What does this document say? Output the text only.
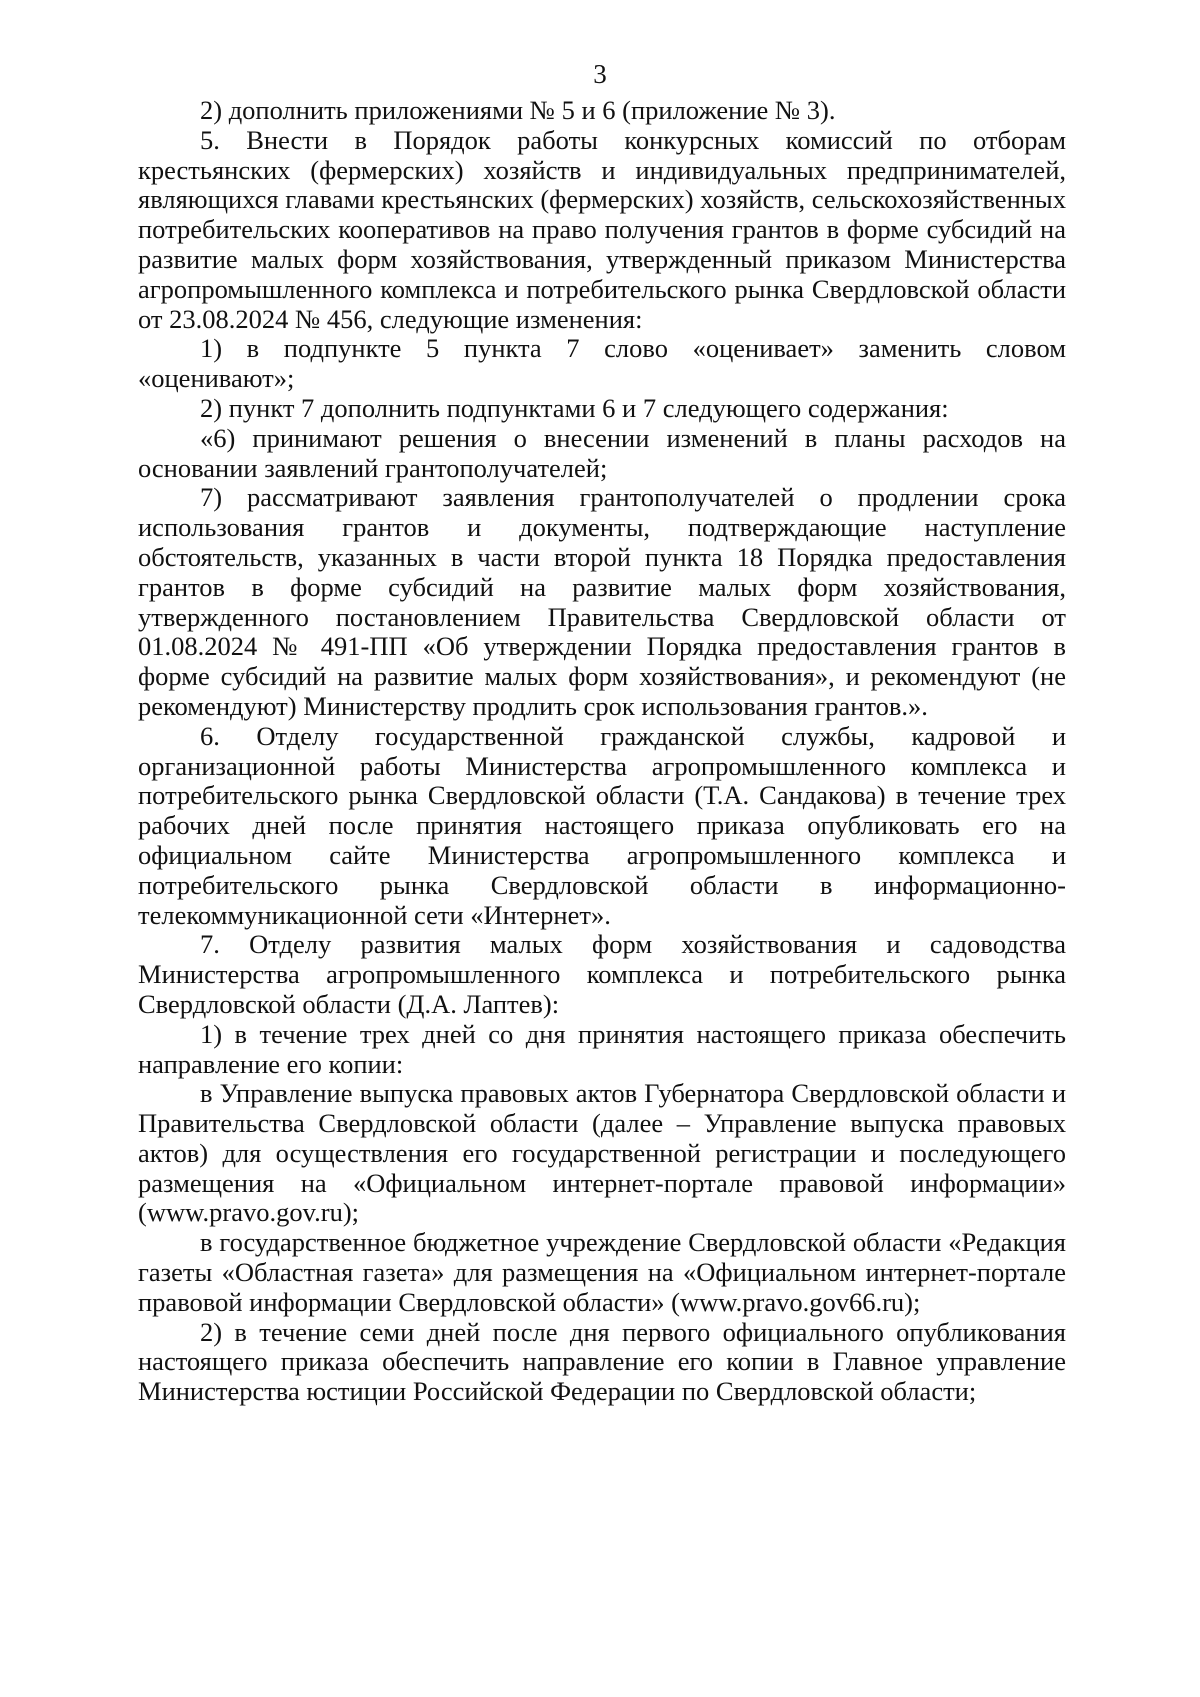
3

2) дополнить приложениями № 5 и 6 (приложение № 3).

5. Внести в Порядок работы конкурсных комиссий по отборам крестьянских (фермерских) хозяйств и индивидуальных предпринимателей, являющихся главами крестьянских (фермерских) хозяйств, сельскохозяйственных потребительских кооперативов на право получения грантов в форме субсидий на развитие малых форм хозяйствования, утвержденный приказом Министерства агропромышленного комплекса и потребительского рынка Свердловской области от 23.08.2024 № 456, следующие изменения:

1) в подпункте 5 пункта 7 слово «оценивает» заменить словом «оценивают»;

2) пункт 7 дополнить подпунктами 6 и 7 следующего содержания:

«6) принимают решения о внесении изменений в планы расходов на основании заявлений грантополучателей;

7) рассматривают заявления грантополучателей о продлении срока использования грантов и документы, подтверждающие наступление обстоятельств, указанных в части второй пункта 18 Порядка предоставления грантов в форме субсидий на развитие малых форм хозяйствования, утвержденного постановлением Правительства Свердловской области от 01.08.2024 № 491-ПП «Об утверждении Порядка предоставления грантов в форме субсидий на развитие малых форм хозяйствования», и рекомендуют (не рекомендуют) Министерству продлить срок использования грантов.».

6. Отделу государственной гражданской службы, кадровой и организационной работы Министерства агропромышленного комплекса и потребительского рынка Свердловской области (Т.А. Сандакова) в течение трех рабочих дней после принятия настоящего приказа опубликовать его на официальном сайте Министерства агропромышленного комплекса и потребительского рынка Свердловской области в информационно-телекоммуникационной сети «Интернет».

7. Отделу развития малых форм хозяйствования и садоводства Министерства агропромышленного комплекса и потребительского рынка Свердловской области (Д.А. Лаптев):

1) в течение трех дней со дня принятия настоящего приказа обеспечить направление его копии:

в Управление выпуска правовых актов Губернатора Свердловской области и Правительства Свердловской области (далее – Управление выпуска правовых актов) для осуществления его государственной регистрации и последующего размещения на «Официальном интернет-портале правовой информации» (www.pravo.gov.ru);

в государственное бюджетное учреждение Свердловской области «Редакция газеты «Областная газета» для размещения на «Официальном интернет-портале правовой информации Свердловской области» (www.pravo.gov66.ru);

2) в течение семи дней после дня первого официального опубликования настоящего приказа обеспечить направление его копии в Главное управление Министерства юстиции Российской Федерации по Свердловской области;
